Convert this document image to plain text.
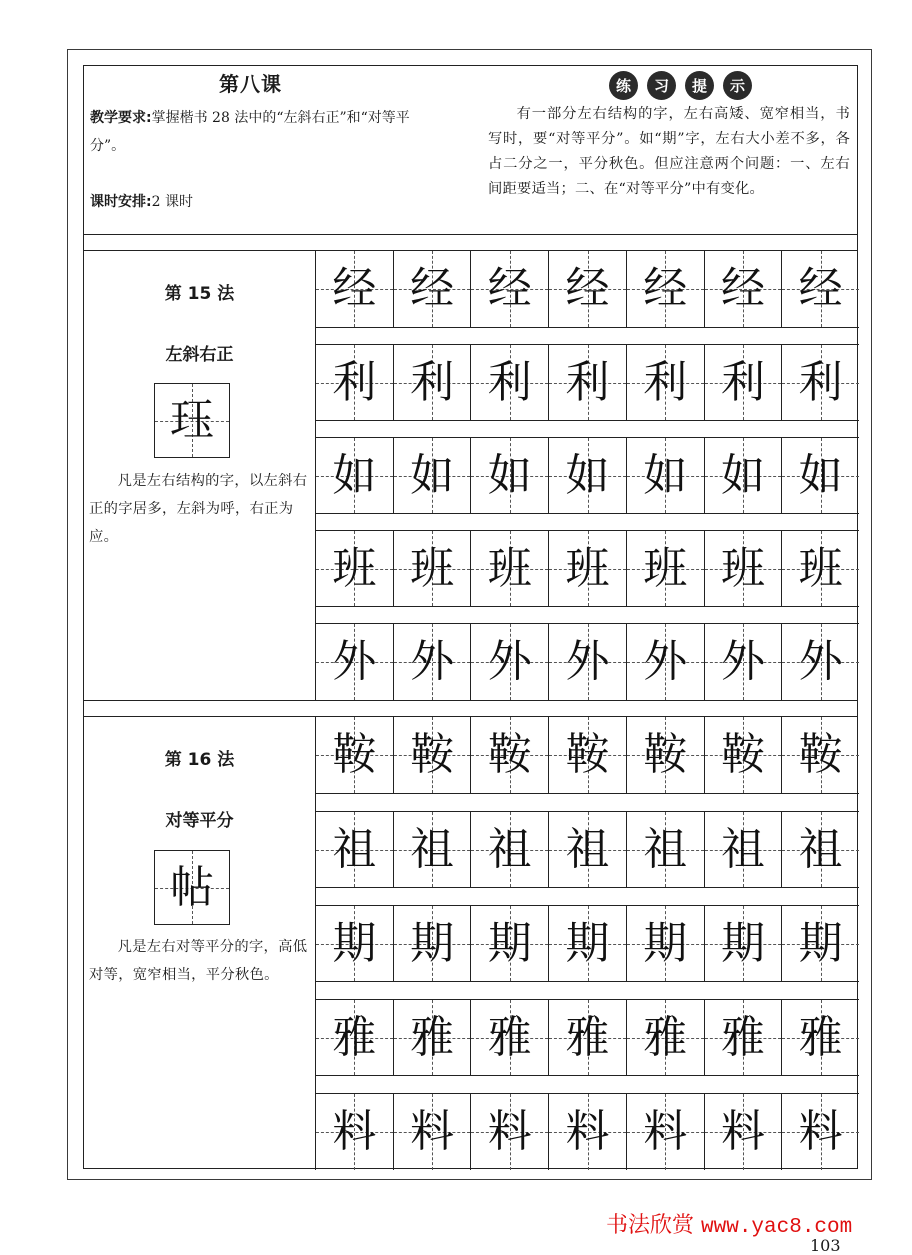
第八课
教学要求:掌握楷书 28 法中的“左斜右正”和“对等平分”。
课时安排:2 课时
练	习	提	示
有一部分左右结构的字，左右高矮、宽窄相当，书写时，要“对等平分”。如“期”字，左右大小差不多，各占二分之一，平分秋色。但应注意两个问题：一、左右间距要适当；二、在“对等平分”中有变化。
第 15 法
左斜右正
珏
凡是左右结构的字，以左斜右正的字居多，左斜为呼，右正为应。
经 经 经 经 经 经 经
利 利 利 利 利 利 利
如 如 如 如 如 如 如
班 班 班 班 班 班 班
外 外 外 外 外 外 外
第 16 法
对等平分
帖
凡是左右对等平分的字，高低对等，宽窄相当，平分秋色。
鞍 鞍 鞍 鞍 鞍 鞍 鞍
祖 祖 祖 祖 祖 祖 祖
期 期 期 期 期 期 期
雅 雅 雅 雅 雅 雅 雅
料 料 料 料 料 料 料
书法欣赏 www.yac8.com
103
